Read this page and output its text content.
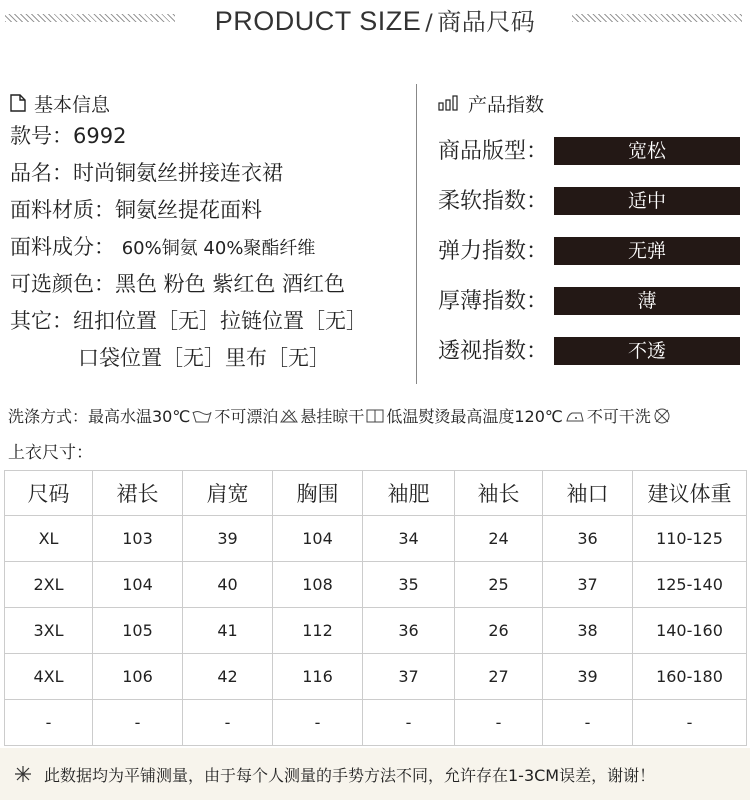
PRODUCT SIZE / 商品尺码
基本信息
款号：6992
品名：时尚铜氨丝拼接连衣裙
面料材质：铜氨丝提花面料
面料成分： 60%铜氨 40%聚酯纤维
可选颜色：黑色 粉色 紫红色 酒红色
其它：纽扣位置［无］拉链位置［无］
口袋位置［无］里布［无］
产品指数
商品版型：	宽松
柔软指数：	适中
弹力指数：	无弹
厚薄指数：	薄
透视指数：	不透
洗涤方式：最高水温30℃ 不可漂泊 悬挂晾干 低温熨烫最高温度120℃ 不可干洗
上衣尺寸：
尺码	裙长	肩宽	胸围	袖肥	袖长	袖口	建议体重
XL	103	39	104	34	24	36	110-125
2XL	104	40	108	35	25	37	125-140
3XL	105	41	112	36	26	38	140-160
4XL	106	42	116	37	27	39	160-180
-	-	-	-	-	-	-	-
此数据均为平铺测量，由于每个人测量的手势方法不同，允许存在1-3CM误差，谢谢！
